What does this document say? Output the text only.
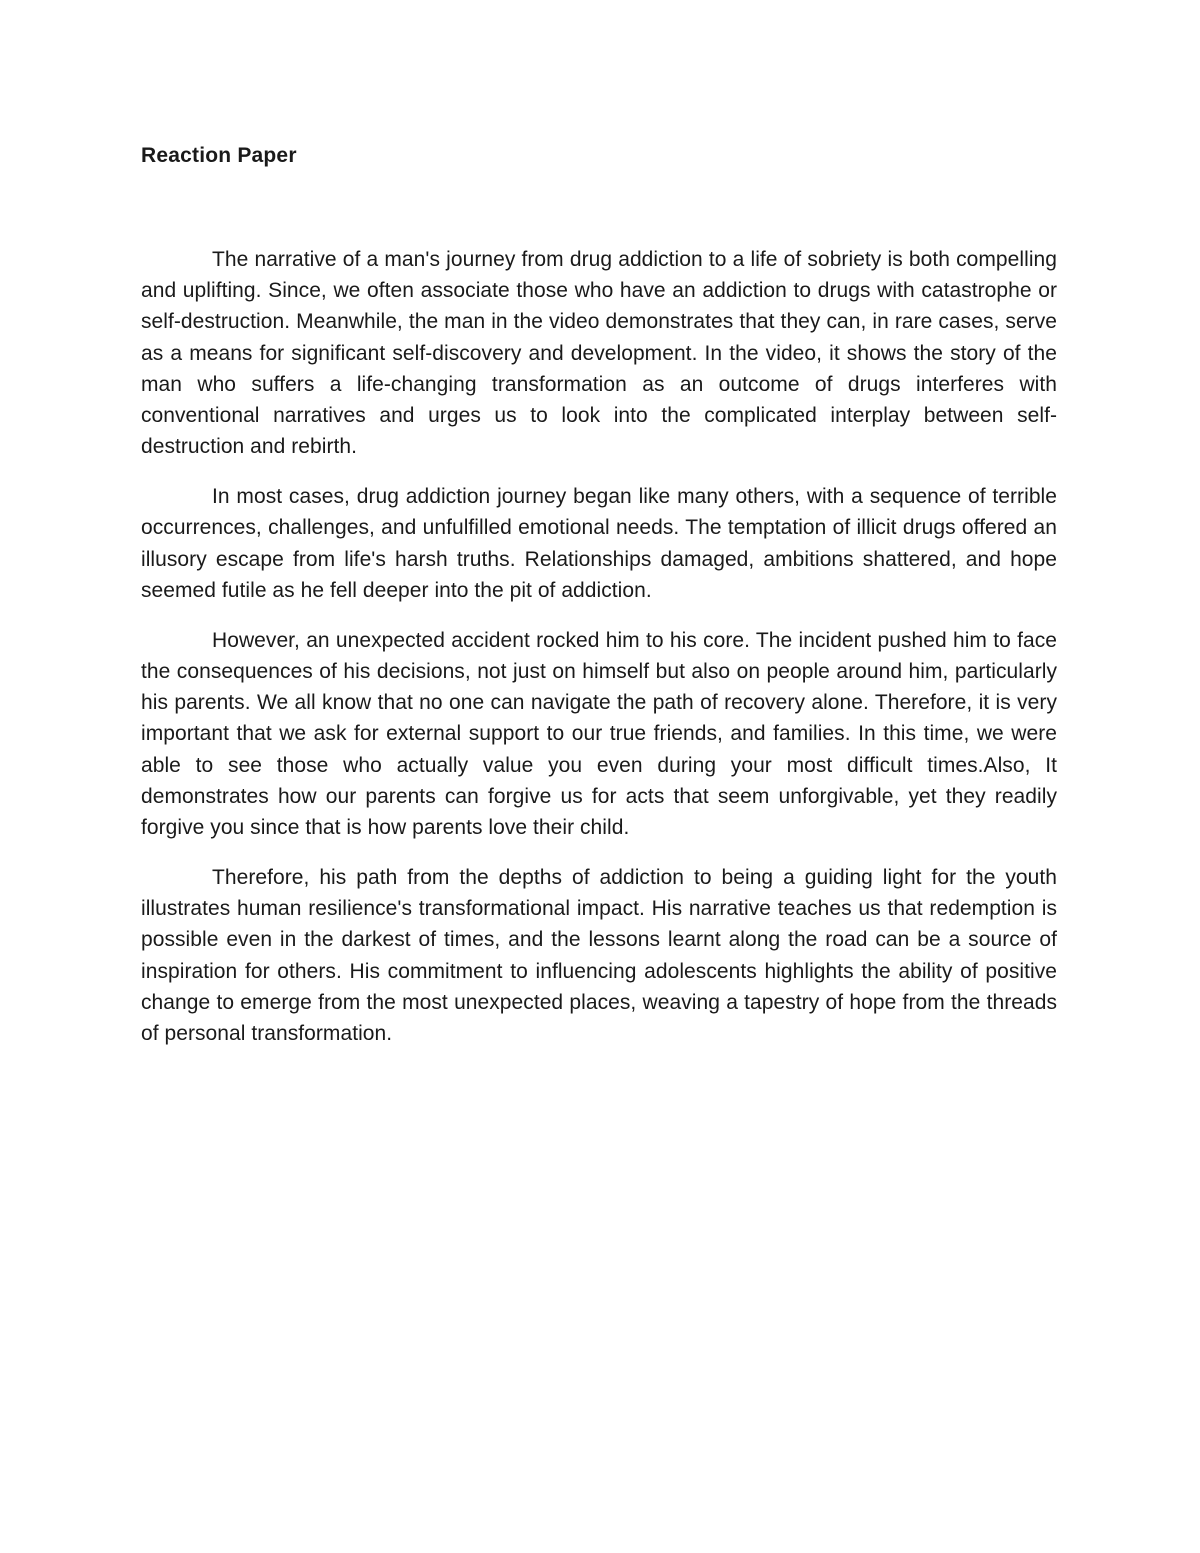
Reaction Paper

The narrative of a man's journey from drug addiction to a life of sobriety is both compelling and uplifting. Since, we often associate those who have an addiction to drugs with catastrophe or self-destruction. Meanwhile, the man in the video demonstrates that they can, in rare cases, serve as a means for significant self-discovery and development. In the video, it shows the story of the man who suffers a life-changing transformation as an outcome of drugs interferes with conventional narratives and urges us to look into the complicated interplay between self-destruction and rebirth.

In most cases, drug addiction journey began like many others, with a sequence of terrible occurrences, challenges, and unfulfilled emotional needs. The temptation of illicit drugs offered an illusory escape from life's harsh truths. Relationships damaged, ambitions shattered, and hope seemed futile as he fell deeper into the pit of addiction.

However, an unexpected accident rocked him to his core. The incident pushed him to face the consequences of his decisions, not just on himself but also on people around him, particularly his parents. We all know that no one can navigate the path of recovery alone. Therefore, it is very important that we ask for external support to our true friends, and families. In this time, we were able to see those who actually value you even during your most difficult times.Also, It demonstrates how our parents can forgive us for acts that seem unforgivable, yet they readily forgive you since that is how parents love their child.

Therefore, his path from the depths of addiction to being a guiding light for the youth illustrates human resilience's transformational impact. His narrative teaches us that redemption is possible even in the darkest of times, and the lessons learnt along the road can be a source of inspiration for others. His commitment to influencing adolescents highlights the ability of positive change to emerge from the most unexpected places, weaving a tapestry of hope from the threads of personal transformation.
